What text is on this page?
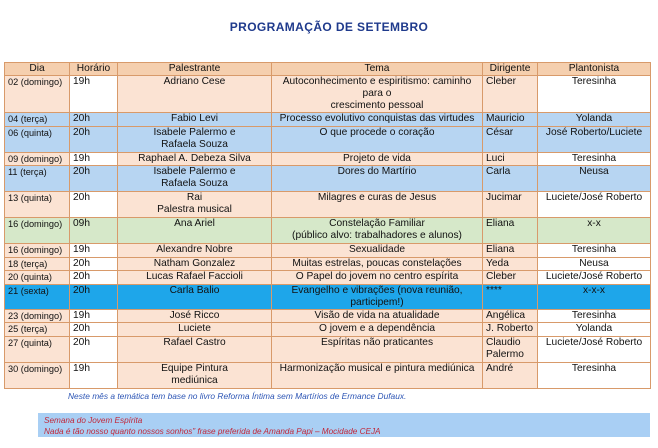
PROGRAMAÇÃO DE SETEMBRO
Dia	Horário	Palestrante	Tema	Dirigente	Plantonista
02 (domingo)	19h	Adriano Cese	Autoconhecimento e espiritismo: caminho para o
crescimento pessoal	Cleber	Teresinha
04 (terça)	20h	Fabio Levi	Processo evolutivo conquistas das virtudes	Mauricio	Yolanda
06 (quinta)	20h	Isabele Palermo e
Rafaela Souza	O que procede o coração	César	José Roberto/Luciete
09 (domingo)	19h	Raphael A. Debeza Silva	Projeto de vida	Luci	Teresinha
11 (terça)	20h	Isabele Palermo e
Rafaela Souza	Dores do Martírio	Carla	Neusa
13 (quinta)	20h	Rai
Palestra musical	Milagres e curas de Jesus	Jucimar	Luciete/José Roberto
16 (domingo)	09h	Ana Ariel	Constelação Familiar
(público alvo: trabalhadores e alunos)	Eliana	x-x
16 (domingo)	19h	Alexandre Nobre	Sexualidade	Eliana	Teresinha
18 (terça)	20h	Natham Gonzalez	Muitas estrelas, poucas constelações	Yeda	Neusa
20 (quinta)	20h	Lucas Rafael Faccioli	O Papel do jovem no centro espírita	Cleber	Luciete/José Roberto
21 (sexta)	20h	Carla Balio	Evangelho e vibrações (nova reunião, participem!)	****	x-x-x
23 (domingo)	19h	José Ricco	Visão de vida na atualidade	Angélica	Teresinha
25 (terça)	20h	Luciete	O jovem e a dependência	J. Roberto	Yolanda
27 (quinta)	20h	Rafael Castro	Espíritas não praticantes	Claudio
Palermo	Luciete/José Roberto
30 (domingo)	19h	Equipe Pintura
mediúnica	Harmonização musical e pintura mediúnica	André	Teresinha
Neste mês a temática tem base no livro Reforma Íntima sem Martírios de Ermance Dufaux.
Semana do Jovem Espírita
Nada é tão nosso quanto nossos sonhos” frase preferida de Amanda Papi – Mocidade CEJA
